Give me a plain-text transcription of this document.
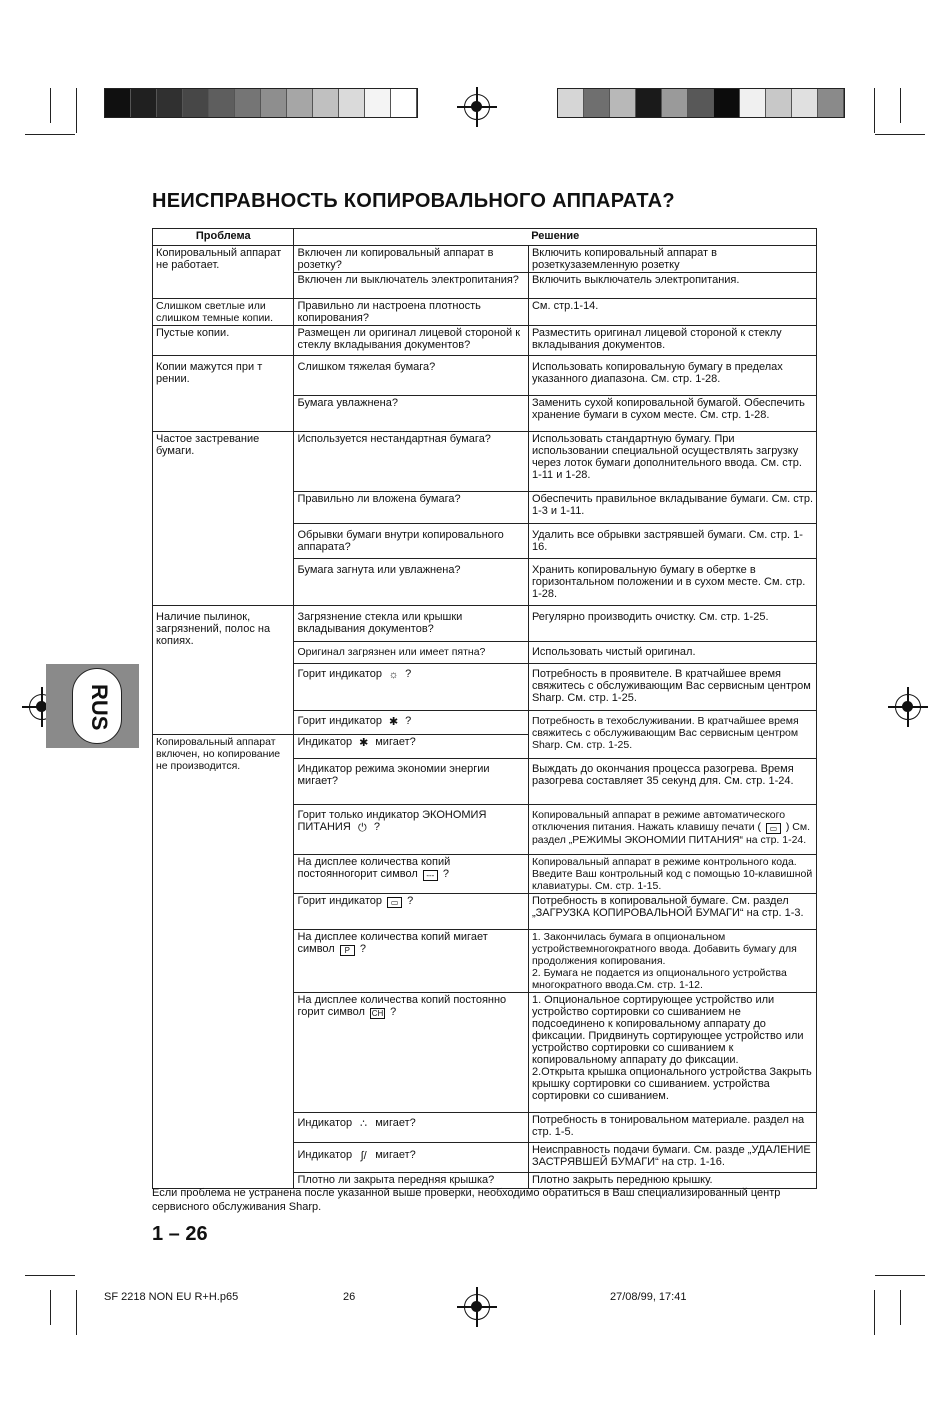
НЕИСПРАВНОСТЬ КОПИРОВАЛЬНОГО АППАРАТА?
RUS
Проблема	Решение	
Копировальный аппарат не работает.	Включен ли копировальный аппарат в розетку?	Включить копировальный аппарат в розеткузаземленную розетку
	Включен ли выключатель электропитания?	Включить выключатель электропитания.
Слишком светлые или слишком темные копии.	Правильно ли настроена плотность копирования?	См. стр.1-14.
Пустые копии.	Размещен ли оригинал лицевой стороной к стеклу вкладывания документов?	Разместить оригинал лицевой стороной к стеклу вкладывания документов.
Копии мажутся при т рении.	Слишком тяжелая бумага?	Использовать копировальную бумагу в пределах указанного диапазона. См. стр. 1-28.
	Бумага увлажнена?	Заменить сухой копировальной бумагой. Обеспечить хранение бумаги в сухом месте. См. стр. 1-28.
Частое застревание бумаги.	Используется нестандартная бумага?	Использовать стандартную бумагу. При использовании специальной осуществлять загрузку через лоток бумаги дополнительного ввода. См. стр. 1-11 и 1-28.
	Правильно ли вложена бумага?	Обеспечить правильное вкладывание бумаги. См. стр. 1-3 и 1-11.
	Обрывки бумаги внутри копировального аппарата?	Удалить все обрывки застрявшей бумаги. См. стр. 1-16.
	Бумага загнута или увлажнена?	Хранить копировальную бумагу в обертке в горизонтальном положении и в сухом месте. См. стр. 1-28.
Наличие пылинок, загрязнений, полос на копиях.	Загрязнение стекла или крышки вкладывания документов?	Регулярно производить очистку. См. стр. 1-25.
	Оригинал загрязнен или имеет пятна?	Использовать чистый оригинал.
	Горит индикатор ☼ ?	Потребность в проявителе. В кратчайшее время свяжитесь с обслуживающим Вас сервисным центром Sharp. См. стр. 1-25.
	Горит индикатор ✱ ?	Потребность в техобслуживании. В кратчайшее время свяжитесь с обслуживающим Вас сервисным центром Sharp. См. стр. 1-25.
Копировальный аппарат включен, но копирование не производится.	Индикатор ✱ мигает?	
	Индикатор режима экономии энергии мигает?	Выждать до окончания процесса разогрева. Время разогрева составляет 35 секунд для. См. стр. 1-24.
	Горит только индикатор ЭКОНОМИЯ ПИТАНИЯ ⏻ ?	Копировальный аппарат в режиме автоматического отключения питания. Нажать клавишу печати ( ▭ ) См. раздел „РЕЖИМЫ ЭКОНОМИИ ПИТАНИЯ“ на стр. 1-24.
	На дисплее количества копий постоянногорит символ --- ?	Копировальный аппарат в режиме контрольного кода. Введите Ваш контрольный код с помощью 10-клавишной клавиатуры. См. стр. 1-15.
	Горит индикатор ▭ ?	Потребность в копировальной бумаге. См. раздел „ЗАГРУЗКА КОПИРОВАЛЬНОЙ БУМАГИ“ на стр. 1-3.
	На дисплее количества копий мигает символ P ?	1. Закончилась бумага в опциональном устройствемногократного ввода. Добавить бумагу для продолжения копирования.
2. Бумага не подается из опционального устройства многократного ввода.См. стр. 1-12.

	На дисплее количества копий постоянно горит символ CH ?	1. Опциональное сортирующее устройство или устройство сортировки со сшиванием не подсоединено к копировальному аппарату до фиксации. Придвинуть сортирующее устройство или устройство сортировки со сшиванием к копировальному аппарату до фиксации.
2.Открыта крышка опционального устройства Закрыть крышку сортировки со сшиванием. устройства сортировки со сшиванием.

	Индикатор ∴ мигает?	Потребность в тонировальном материале. раздел на стр. 1-5.
	Индикатор ∫/ мигает?	Неисправность подачи бумаги. См. разде „УДАЛЕНИЕ ЗАСТРЯВШЕЙ БУМАГИ“ на стр. 1-16.
	Плотно ли закрыта передняя крышка?	Плотно закрыть переднюю крышку.
Если проблема не устранена после указанной выше проверки, необходимо обратиться в Ваш специализированный центр сервисного обслуживания Sharp.
1 – 26
SF 2218 NON EU R+H.p65	26	27/08/99, 17:41
